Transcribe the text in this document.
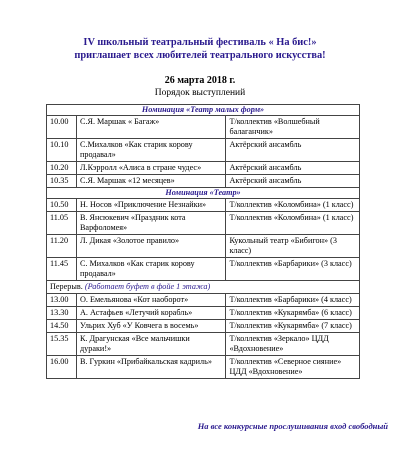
IV школьный театральный фестиваль « На бис!»
приглашает всех любителей театрального искусства!
26 марта 2018 г.
Порядок выступлений
Номинация «Театр малых форм»		
10.00	С.Я. Маршак « Багаж»	Т/коллектив «Волшебный балаганчик»
10.10	С.Михалков «Как старик корову продавал»	Актёрский ансамбль
10.20	Л.Кэрролл «Алиса в стране чудес»	Актёрский ансамбль
10.35	С.Я. Маршак «12 месяцев»	Актёрский ансамбль
Номинация «Театр»		
10.50	Н. Носов «Приключение Незнайки»	Т/коллектив «Коломбина» (1 класс)
11.05	В. Янсюкевич «Праздник кота Варфоломея»	Т/коллектив «Коломбина» (1 класс)
11.20	Л. Дикая «Золотое правило»	Кукольный театр «Бибигон» (3 класс)
11.45	С. Михалков «Как старик корову продавал»	Т/коллектив «Барбарики» (3 класс)
Перерыв. (Работает буфет в фойе 1 этажа)		
13.00	О. Емельянова «Кот наоборот»	Т/коллектив «Барбарики» (4 класс)
13.30	А. Астафьев «Летучий корабль»	Т/коллектив «Кукарямба» (6 класс)
14.50	Ульрих Хуб «У Ковчега в восемь»	Т/коллектив «Кукарямба» (7 класс)
15.35	К. Драгунская «Все мальчишки дураки!»	Т/коллектив «Зеркало» ЦДД «Вдохновение»
16.00	В. Гуркин «Прибайкальская кадриль»	Т/коллектив «Северное сияние» ЦДД «Вдохновение»
На все конкурсные прослушивания вход свободный
